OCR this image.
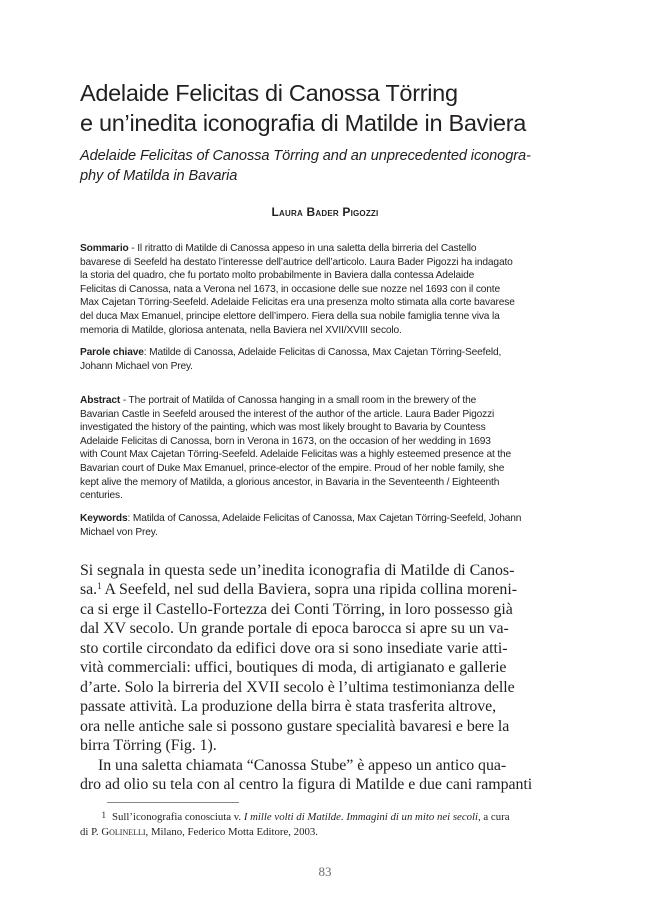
Adelaide Felicitas di Canossa Törring
e un’inedita iconografia di Matilde in Baviera
Adelaide Felicitas of Canossa Törring and an unprecedented iconogra-
phy of Matilda in Bavaria
Laura Bader Pigozzi
Sommario - Il ritratto di Matilde di Canossa appeso in una saletta della birreria del Castello
bavarese di Seefeld ha destato l’interesse dell’autrice dell’articolo. Laura Bader Pigozzi ha indagato
la storia del quadro, che fu portato molto probabilmente in Baviera dalla contessa Adelaide
Felicitas di Canossa, nata a Verona nel 1673, in occasione delle sue nozze nel 1693 con il conte
Max Cajetan Törring-Seefeld. Adelaide Felicitas era una presenza molto stimata alla corte bavarese
del duca Max Emanuel, principe elettore dell’impero. Fiera della sua nobile famiglia tenne viva la
memoria di Matilde, gloriosa antenata, nella Baviera nel XVII/XVIII secolo.
Parole chiave: Matilde di Canossa, Adelaide Felicitas di Canossa, Max Cajetan Törring-Seefeld,
Johann Michael von Prey.
Abstract - The portrait of Matilda of Canossa hanging in a small room in the brewery of the
Bavarian Castle in Seefeld aroused the interest of the author of the article. Laura Bader Pigozzi
investigated the history of the painting, which was most likely brought to Bavaria by Countess
Adelaide Felicitas di Canossa, born in Verona in 1673, on the occasion of her wedding in 1693
with Count Max Cajetan Törring-Seefeld. Adelaide Felicitas was a highly esteemed presence at the
Bavarian court of Duke Max Emanuel, prince-elector of the empire. Proud of her noble family, she
kept alive the memory of Matilda, a glorious ancestor, in Bavaria in the Seventeenth / Eighteenth
centuries.
Keywords: Matilda of Canossa, Adelaide Felicitas of Canossa, Max Cajetan Törring-Seefeld, Johann
Michael von Prey.
Si segnala in questa sede un’inedita iconografia di Matilde di Canos-
sa.$^1$ A Seefeld, nel sud della Baviera, sopra una ripida collina moreni-
ca si erge il Castello-Fortezza dei Conti Törring, in loro possesso già
dal XV secolo. Un grande portale di epoca barocca si apre su un va-
sto cortile circondato da edifici dove ora si sono insediate varie atti-
vità commerciali: uffici, boutiques di moda, di artigianato e gallerie
d’arte. Solo la birreria del XVII secolo è l’ultima testimonianza delle
passate attività. La produzione della birra è stata trasferita altrove,
ora nelle antiche sale si possono gustare specialità bavaresi e bere la
birra Törring (Fig. 1).
In una saletta chiamata “Canossa Stube” è appeso un antico qua-
dro ad olio su tela con al centro la figura di Matilde e due cani rampanti
1 Sull’iconografia conosciuta v. I mille volti di Matilde. Immagini di un mito nei secoli, a cura
di P. Golinelli, Milano, Federico Motta Editore, 2003.
83
